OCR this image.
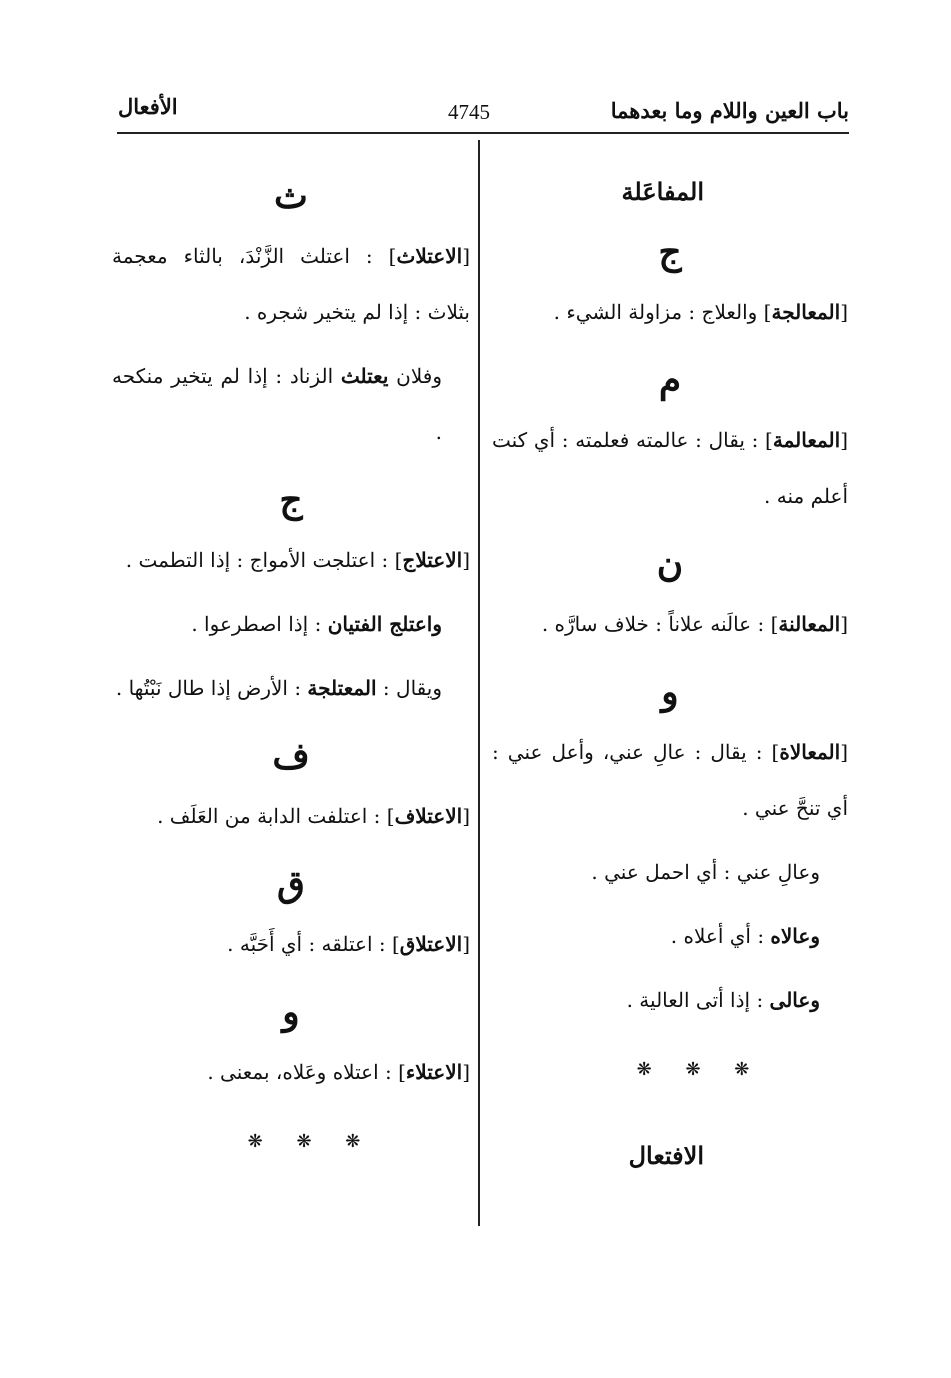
باب العين واللام وما بعدهما
4745
الأفعال

المفاعَلة

ج

[المعالجة] والعلاج : مزاولة الشيء .

م

[المعالمة] : يقال : عالمته فعلمته : أي كنت أعلم منه .

ن

[المعالنة] : عالَنه علاناً : خلاف سارَّه .

و

[المعالاة] : يقال : عالِ عني، وأعل عني : أي تنحَّ عني .

وعالِ عني : أي احمل عني .

وعالاه : أي أعلاه .

وعالى : إذا أتى العالية .

❋ ❋ ❋

الافتعال

ث

[الاعتلاث] : اعتلث الزَّنْدَ، بالثاء معجمة بثلاث : إذا لم يتخير شجره .

وفلان يعتلث الزناد : إذا لم يتخير منكحه .

ج

[الاعتلاج] : اعتلجت الأمواج : إذا التطمت .

واعتلج الفتيان : إذا اصطرعوا .

ويقال : المعتلجة : الأرض إذا طال نَبْتُها .

ف

[الاعتلاف] : اعتلفت الدابة من العَلَف .

ق

[الاعتلاق] : اعتلقه : أي أَحَبَّه .

و

[الاعتلاء] : اعتلاه وعَلاه، بمعنى .

❋ ❋ ❋
